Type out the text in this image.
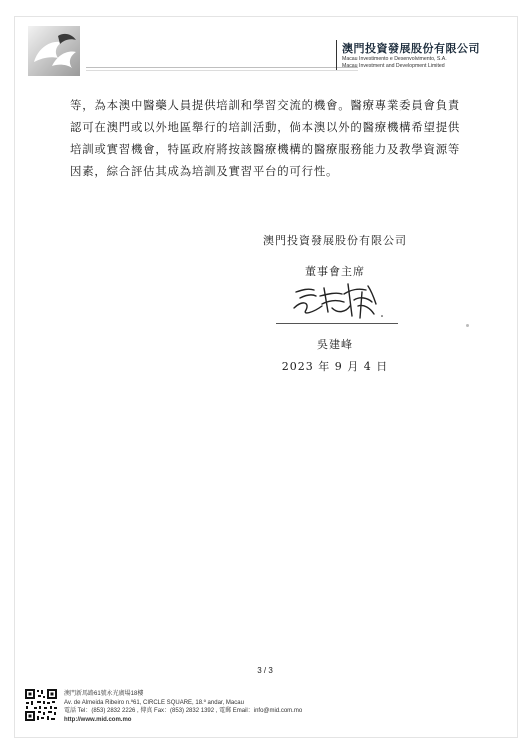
澳門投資發展股份有限公司
Macau Investimento e Desenvolvimento, S.A.
Macau Investment and Development Limited
等，為本澳中醫藥人員提供培訓和學習交流的機會。醫療專業委員會負責
認可在澳門或以外地區舉行的培訓活動，倘本澳以外的醫療機構希望提供
培訓或實習機會，特區政府將按該醫療機構的醫療服務能力及教學資源等
因素，綜合評估其成為培訓及實習平台的可行性。
澳門投資發展股份有限公司
董事會主席
吳建峰
2023 年 9 月 4 日
3 / 3
澳門新馬路61號永光廣場18樓
Av. de Almeida Ribeiro n.º61, CIRCLE SQUARE, 18.º andar, Macau
電話 Tel：(853) 2832 2226 , 傳真 Fax：(853) 2832 1392 , 電郵 Email：info@mid.com.mo
http://www.mid.com.mo
